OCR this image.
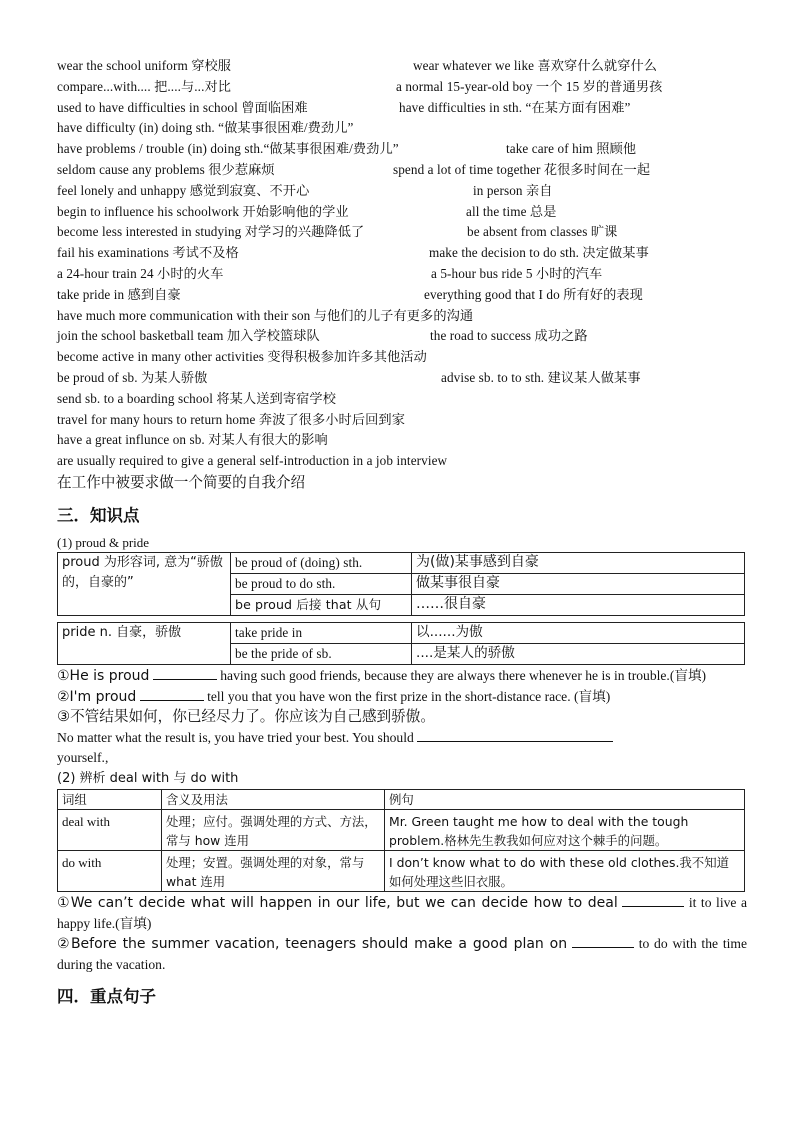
wear the school uniform 穿校服	wear whatever we like 喜欢穿什么就穿什么
compare...with.... 把....与...对比	a normal 15-year-old boy 一个 15 岁的普通男孩
used to have difficulties in school 曾面临困难	have difficulties in sth. “在某方面有困难”
have difficulty (in) doing sth. “做某事很困难/费劲儿”
have problems / trouble (in) doing sth.“做某事很困难/费劲儿”	take care of him 照顾他
seldom cause any problems 很少惹麻烦	spend a lot of time together 花很多时间在一起
feel lonely and unhappy 感觉到寂寞、不开心	in person 亲自
begin to influence his schoolwork 开始影响他的学业	all the time 总是
become less interested in studying 对学习的兴趣降低了	be absent from classes 旷课
fail his examinations 考试不及格	make the decision to do sth. 决定做某事
a 24-hour train 24 小时的火车	a 5-hour bus ride 5 小时的汽车
take pride in 感到自豪	everything good that I do 所有好的表现
have much more communication with their son 与他们的儿子有更多的沟通
join the school basketball team 加入学校篮球队	the road to success 成功之路
become active in many other activities 变得积极参加许多其他活动
be proud of sb. 为某人骄傲	advise sb. to to sth. 建议某人做某事
send sb. to a boarding school 将某人送到寄宿学校
travel for many hours to return home 奔波了很多小时后回到家
have a great influnce on sb. 对某人有很大的影响
are usually required to give a general self-introduction in a job interview
在工作中被要求做一个简要的自我介绍
三．知识点
(1) proud & pride
proud 为形容词, 意为“骄傲的，自豪的”	be proud of (doing) sth.	为(做)某事感到自豪
	be proud to do sth.	做某事很自豪
	be proud 后接 that 从句	……很自豪
pride n. 自豪，骄傲	take pride in	以......为傲
	be the pride of sb.	....是某人的骄傲
①He is proud	having such good friends, because they are always there whenever he is in trouble.(盲填)
②I'm proud	tell you that you have won the first prize in the short-distance race. (盲填)
③不管结果如何，你已经尽力了。你应该为自己感到骄傲。
No matter what the result is, you have tried your best. You should
yourself.,
(2) 辨析 deal with 与 do with
词组	含义及用法	例句
deal with	处理；应付。强调处理的方式、方法，常与 how 连用	Mr. Green taught me how to deal with the tough problem.格林先生教我如何应对这个棘手的问题。
do with	处理；安置。强调处理的对象，常与 what 连用	I don’t know what to do with these old clothes.我不知道如何处理这些旧衣服。
①We can’t decide what will happen in our life, but we can decide how to deal	it to live a happy life.(盲填)
②Before the summer vacation, teenagers should make a good plan on	to do with the time during the vacation.
四．重点句子
